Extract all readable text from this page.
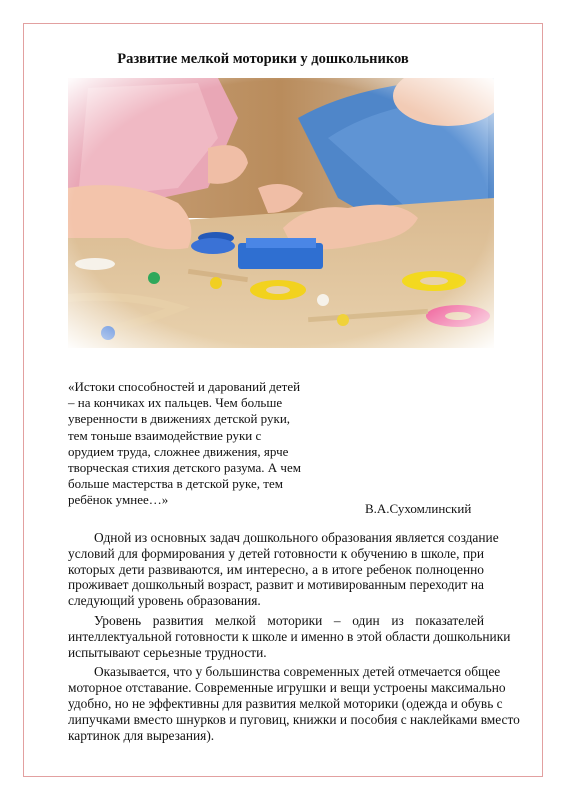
Развитие мелкой моторики у дошкольников
«Истоки способностей и дарований детей
– на кончиках их пальцев. Чем больше
уверенности в движениях детской руки,
тем тоньше взаимодействие руки с
орудием труда, сложнее движения, ярче
творческая стихия детского разума. А чем
больше мастерства в детской руке, тем
ребёнок умнее…»
В.А.Сухомлинский

Одной из основных задач дошкольного образования является создание
условий для формирования у детей готовности к обучению в школе, при
которых дети развиваются, им интересно, а в итоге ребенок полноценно
проживает дошкольный возраст, развит и мотивированным переходит на
следующий уровень образования.

Уровень развития мелкой моторики – один из показателей
интеллектуальной готовности к школе и именно в этой области дошкольники
испытывают серьезные трудности.

Оказывается, что у большинства современных детей отмечается общее
моторное отставание. Современные игрушки и вещи устроены максимально
удобно, но не эффективны для развития мелкой моторики (одежда и обувь с
липучками вместо шнурков и пуговиц, книжки и пособия с наклейками вместо
картинок для вырезания).
